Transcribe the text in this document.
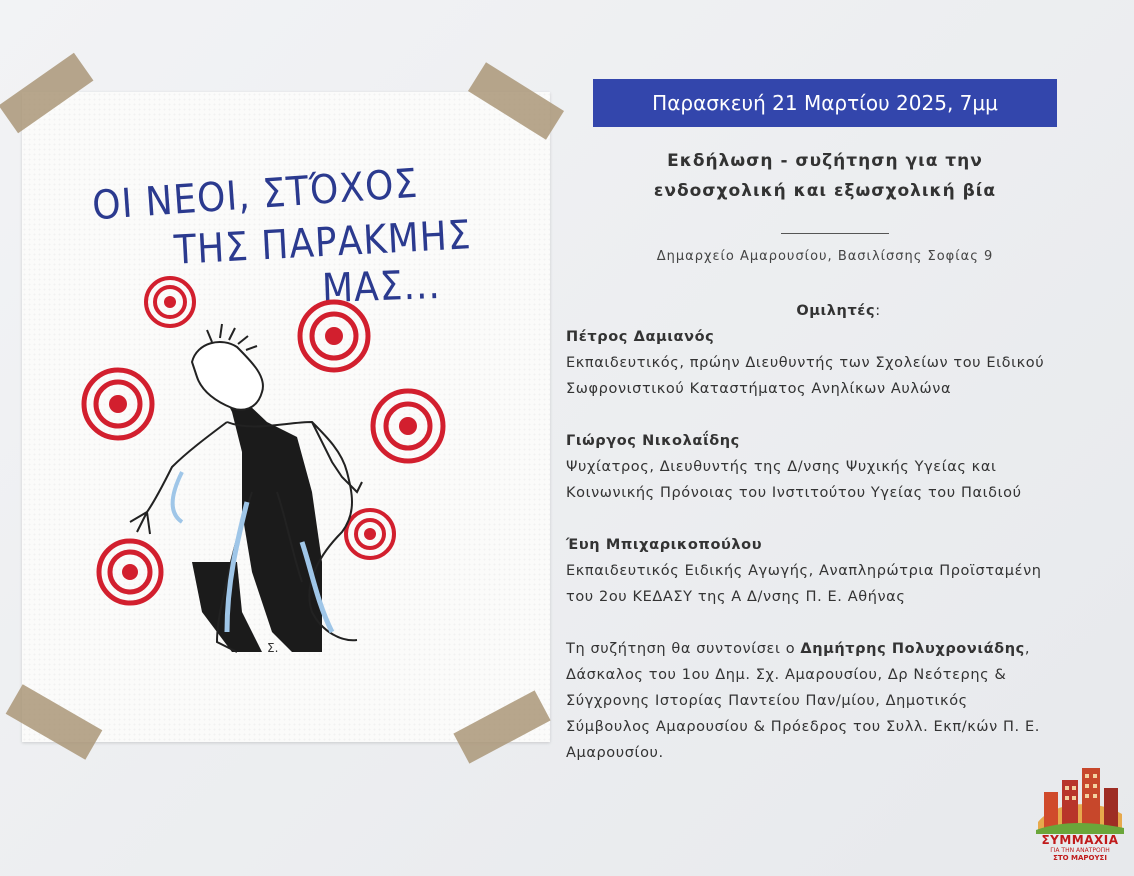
ΟΙ ΝΕΟΙ, ΣΤΌΧΟΣ
ΤΗΣ ΠΑΡΑΚΜΗΣ
ΜΑΣ...
Σ.
Παρασκευή 21 Μαρτίου 2025, 7μμ
Εκδήλωση - συζήτηση για την
ενδοσχολική και εξωσχολική βία
Δημαρχείο Αμαρουσίου, Βασιλίσσης Σοφίας 9
Ομιλητές:
Πέτρος Δαμιανός
Εκπαιδευτικός, πρώην Διευθυντής των Σχολείων του Ειδικού
Σωφρονιστικού Καταστήματος Ανηλίκων Αυλώνα
Γιώργος Νικολαΐδης
Ψυχίατρος, Διευθυντής της Δ/νσης Ψυχικής Υγείας και
Κοινωνικής Πρόνοιας του Ινστιτούτου Υγείας του Παιδιού
Έυη Μπιχαρικοπούλου
Εκπαιδευτικός Ειδικής Αγωγής, Αναπληρώτρια Προϊσταμένη
του 2ου ΚΕΔΑΣΥ της Α Δ/νσης Π. Ε. Αθήνας
Τη συζήτηση θα συντονίσει ο Δημήτρης Πολυχρονιάδης,
Δάσκαλος του 1ου Δημ. Σχ. Αμαρουσίου, Δρ Νεότερης &
Σύγχρονης Ιστορίας Παντείου Παν/μίου, Δημοτικός
Σύμβουλος Αμαρουσίου & Πρόεδρος του Συλλ. Εκπ/κών Π. Ε.
Αμαρουσίου.
ΣΥΜΜΑΧΙΑ
ΓΙΑ ΤΗΝ ΑΝΑΤΡΟΠΗ
ΣΤΟ ΜΑΡΟΥΣΙ
